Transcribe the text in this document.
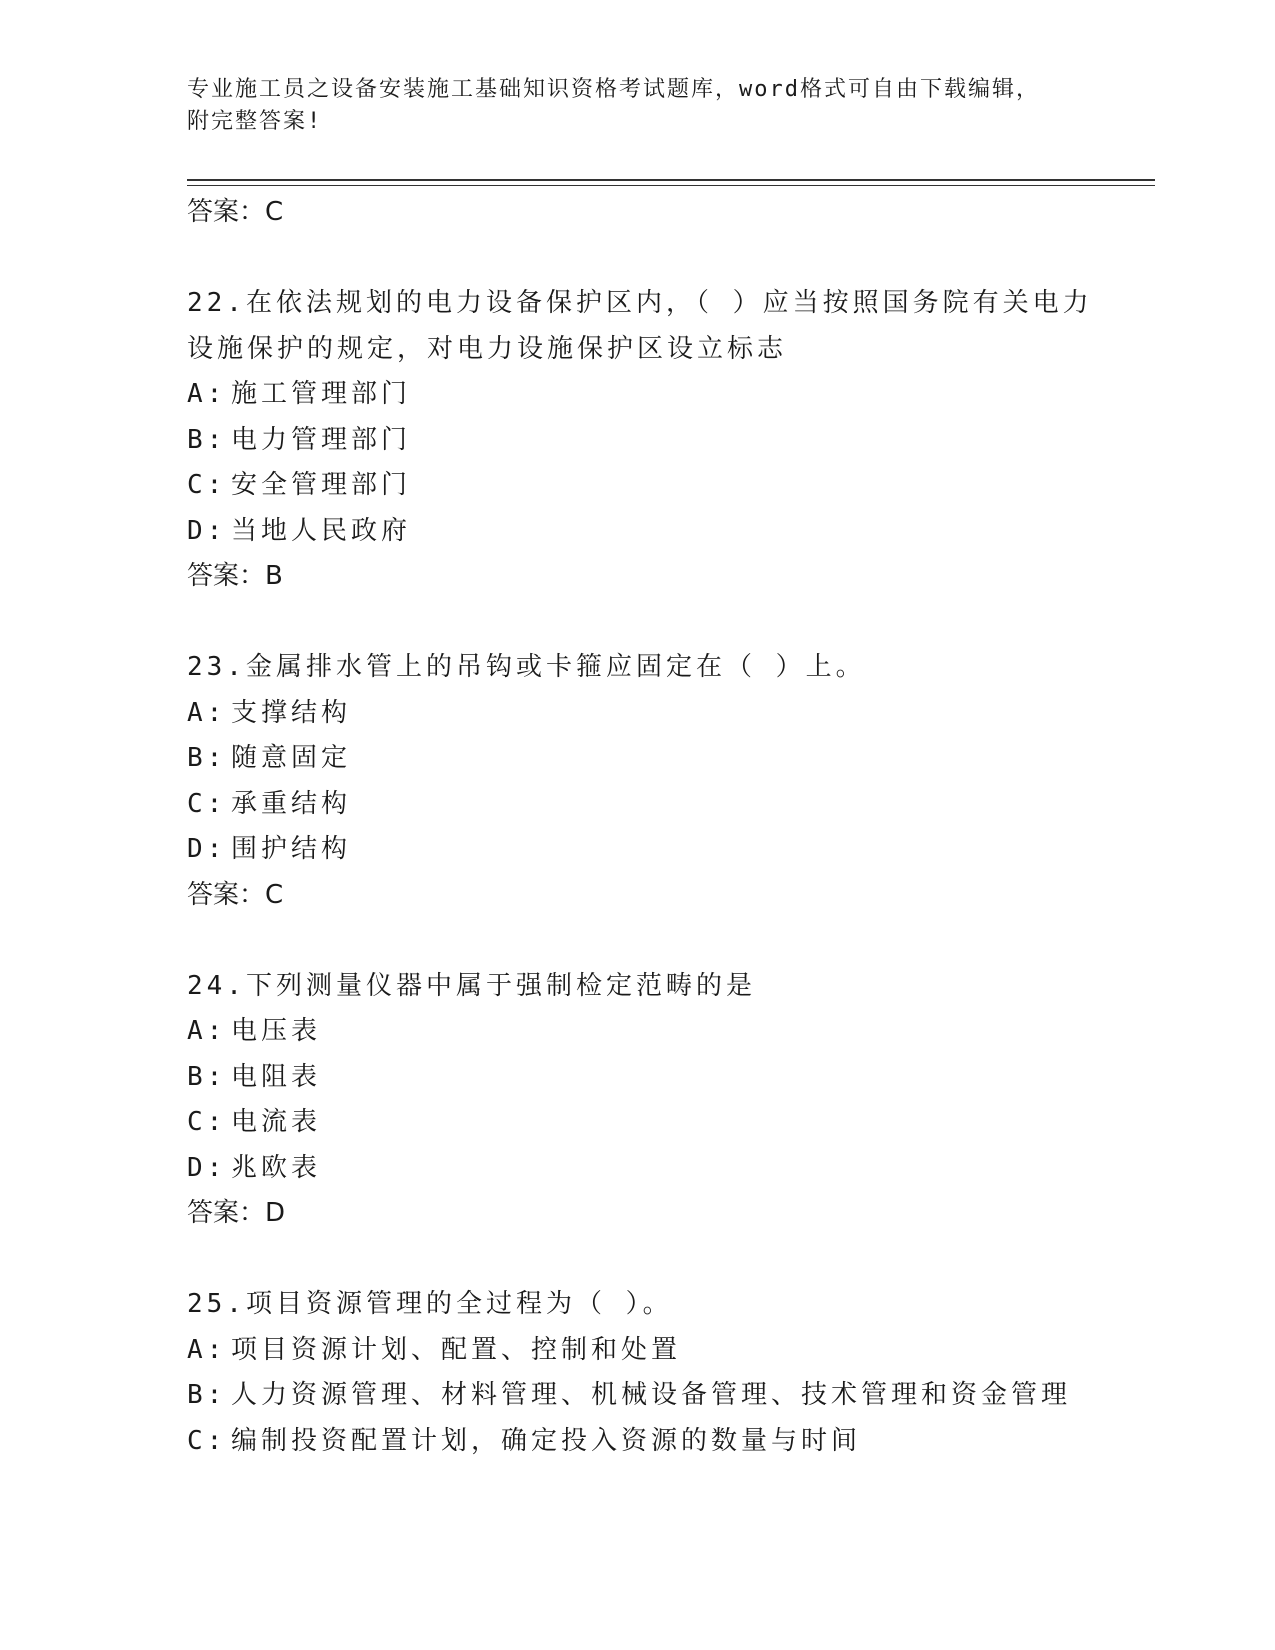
专业施工员之设备安装施工基础知识资格考试题库，word格式可自由下载编辑，
附完整答案!
答案：C
22.在依法规划的电力设备保护区内，（ ）应当按照国务院有关电力
设施保护的规定，对电力设施保护区设立标志
A: 施工管理部门
B: 电力管理部门
C: 安全管理部门
D: 当地人民政府
答案：B
23.金属排水管上的吊钩或卡箍应固定在（ ）上。
A: 支撑结构
B: 随意固定
C: 承重结构
D: 围护结构
答案：C
24.下列测量仪器中属于强制检定范畴的是
A: 电压表
B: 电阻表
C: 电流表
D: 兆欧表
答案：D
25.项目资源管理的全过程为（ ）。
A: 项目资源计划、配置、控制和处置
B: 人力资源管理、材料管理、机械设备管理、技术管理和资金管理
C: 编制投资配置计划，确定投入资源的数量与时间
